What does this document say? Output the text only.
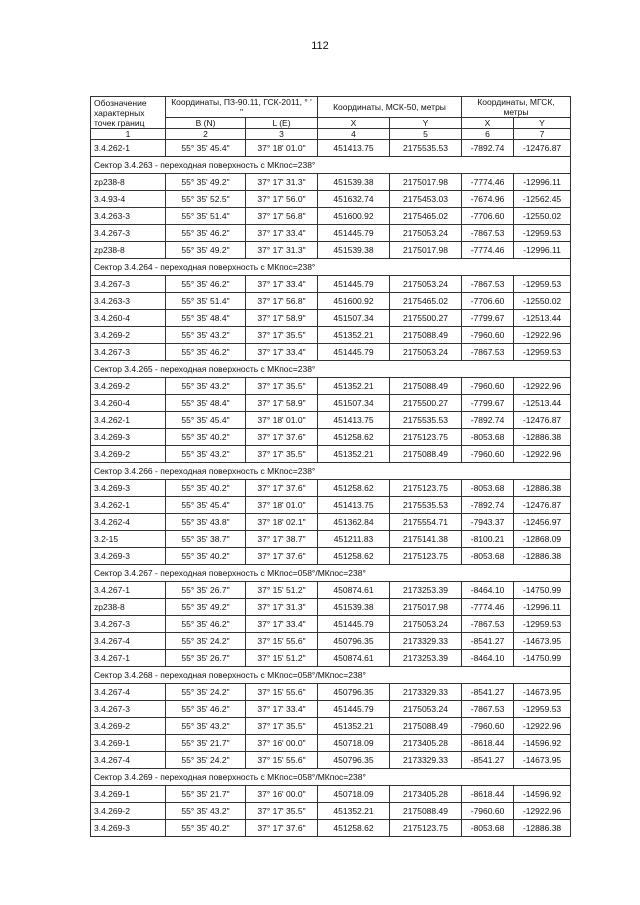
112
Обозначение характерных точек границ	Координаты, ПЗ-90.11, ГСК-2011, ° ' "		Координаты, МСК-50, метры		Координаты, МГСК, метры	
	B (N)	L (E)	X	Y	X	Y
1	2	3	4	5	6	7
3.4.262-1	55° 35' 45.4"	37° 18' 01.0"	451413.75	2175535.53	-7892.74	-12476.87
Сектор 3.4.263 - переходная поверхность с МКпос=238°						
zp238-8	55° 35' 49.2"	37° 17' 31.3"	451539.38	2175017.98	-7774.46	-12996.11
3.4.93-4	55° 35' 52.5"	37° 17' 56.0"	451632.74	2175453.03	-7674.96	-12562.45
3.4.263-3	55° 35' 51.4"	37° 17' 56.8"	451600.92	2175465.02	-7706.60	-12550.02
3.4.267-3	55° 35' 46.2"	37° 17' 33.4"	451445.79	2175053.24	-7867.53	-12959.53
zp238-8	55° 35' 49.2"	37° 17' 31.3"	451539.38	2175017.98	-7774.46	-12996.11
Сектор 3.4.264 - переходная поверхность с МКпос=238°						
3.4.267-3	55° 35' 46.2"	37° 17' 33.4"	451445.79	2175053.24	-7867.53	-12959.53
3.4.263-3	55° 35' 51.4"	37° 17' 56.8"	451600.92	2175465.02	-7706.60	-12550.02
3.4.260-4	55° 35' 48.4"	37° 17' 58.9"	451507.34	2175500.27	-7799.67	-12513.44
3.4.269-2	55° 35' 43.2"	37° 17' 35.5"	451352.21	2175088.49	-7960.60	-12922.96
3.4.267-3	55° 35' 46.2"	37° 17' 33.4"	451445.79	2175053.24	-7867.53	-12959.53
Сектор 3.4.265 - переходная поверхность с МКпос=238°						
3.4.269-2	55° 35' 43.2"	37° 17' 35.5"	451352.21	2175088.49	-7960.60	-12922.96
3.4.260-4	55° 35' 48.4"	37° 17' 58.9"	451507.34	2175500.27	-7799.67	-12513.44
3.4.262-1	55° 35' 45.4"	37° 18' 01.0"	451413.75	2175535.53	-7892.74	-12476.87
3.4.269-3	55° 35' 40.2"	37° 17' 37.6"	451258.62	2175123.75	-8053.68	-12886.38
3.4.269-2	55° 35' 43.2"	37° 17' 35.5"	451352.21	2175088.49	-7960.60	-12922.96
Сектор 3.4.266 - переходная поверхность с МКпос=238°						
3.4.269-3	55° 35' 40.2"	37° 17' 37.6"	451258.62	2175123.75	-8053.68	-12886.38
3.4.262-1	55° 35' 45.4"	37° 18' 01.0"	451413.75	2175535.53	-7892.74	-12476.87
3.4.262-4	55° 35' 43.8"	37° 18' 02.1"	451362.84	2175554.71	-7943.37	-12456.97
3.2-15	55° 35' 38.7"	37° 17' 38.7"	451211.83	2175141.38	-8100.21	-12868.09
3.4.269-3	55° 35' 40.2"	37° 17' 37.6"	451258.62	2175123.75	-8053.68	-12886.38
Сектор 3.4.267 - переходная поверхность с МКпос=058°/МКпос=238°						
3.4.267-1	55° 35' 26.7"	37° 15' 51.2"	450874.61	2173253.39	-8464.10	-14750.99
zp238-8	55° 35' 49.2"	37° 17' 31.3"	451539.38	2175017.98	-7774.46	-12996.11
3.4.267-3	55° 35' 46.2"	37° 17' 33.4"	451445.79	2175053.24	-7867.53	-12959.53
3.4.267-4	55° 35' 24.2"	37° 15' 55.6"	450796.35	2173329.33	-8541.27	-14673.95
3.4.267-1	55° 35' 26.7"	37° 15' 51.2"	450874.61	2173253.39	-8464.10	-14750.99
Сектор 3.4.268 - переходная поверхность с МКпос=058°/МКпос=238°						
3.4.267-4	55° 35' 24.2"	37° 15' 55.6"	450796.35	2173329.33	-8541.27	-14673.95
3.4.267-3	55° 35' 46.2"	37° 17' 33.4"	451445.79	2175053.24	-7867.53	-12959.53
3.4.269-2	55° 35' 43.2"	37° 17' 35.5"	451352.21	2175088.49	-7960.60	-12922.96
3.4.269-1	55° 35' 21.7"	37° 16' 00.0"	450718.09	2173405.28	-8618.44	-14596.92
3.4.267-4	55° 35' 24.2"	37° 15' 55.6"	450796.35	2173329.33	-8541.27	-14673.95
Сектор 3.4.269 - переходная поверхность с МКпос=058°/МКпос=238°						
3.4.269-1	55° 35' 21.7"	37° 16' 00.0"	450718.09	2173405.28	-8618.44	-14596.92
3.4.269-2	55° 35' 43.2"	37° 17' 35.5"	451352.21	2175088.49	-7960.60	-12922.96
3.4.269-3	55° 35' 40.2"	37° 17' 37.6"	451258.62	2175123.75	-8053.68	-12886.38
